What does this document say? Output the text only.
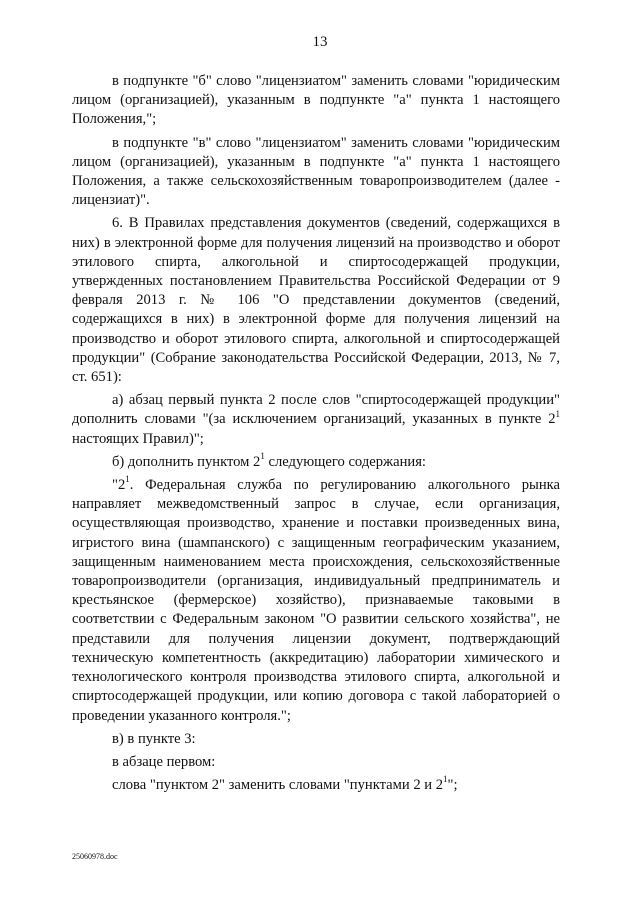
13

в подпункте "б" слово "лицензиатом" заменить словами "юридическим лицом (организацией), указанным в подпункте "а" пункта 1 настоящего Положения,";

в подпункте "в" слово "лицензиатом" заменить словами "юридическим лицом (организацией), указанным в подпункте "а" пункта 1 настоящего Положения, а также сельскохозяйственным товаропроизводителем (далее - лицензиат)".

6. В Правилах представления документов (сведений, содержащихся в них) в электронной форме для получения лицензий на производство и оборот этилового спирта, алкогольной и спиртосодержащей продукции, утвержденных постановлением Правительства Российской Федерации от 9 февраля 2013 г. № 106 "О представлении документов (сведений, содержащихся в них) в электронной форме для получения лицензий на производство и оборот этилового спирта, алкогольной и спиртосодержащей продукции" (Собрание законодательства Российской Федерации, 2013, № 7, ст. 651):

а) абзац первый пункта 2 после слов "спиртосодержащей продукции" дополнить словами "(за исключением организаций, указанных в пункте $2^1$ настоящих Правил)";

б) дополнить пунктом $2^1$ следующего содержания:

"$2^1$. Федеральная служба по регулированию алкогольного рынка направляет межведомственный запрос в случае, если организация, осуществляющая производство, хранение и поставки произведенных вина, игристого вина (шампанского) с защищенным географическим указанием, защищенным наименованием места происхождения, сельскохозяйственные товаропроизводители (организация, индивидуальный предприниматель и крестьянское (фермерское) хозяйство), признаваемые таковыми в соответствии с Федеральным законом "О развитии сельского хозяйства", не представили для получения лицензии документ, подтверждающий техническую компетентность (аккредитацию) лаборатории химического и технологического контроля производства этилового спирта, алкогольной и спиртосодержащей продукции, или копию договора с такой лабораторией о проведении указанного контроля.";

в) в пункте 3:

в абзаце первом:

слова "пунктом 2" заменить словами "пунктами 2 и $2^1$";

25060978.doc
